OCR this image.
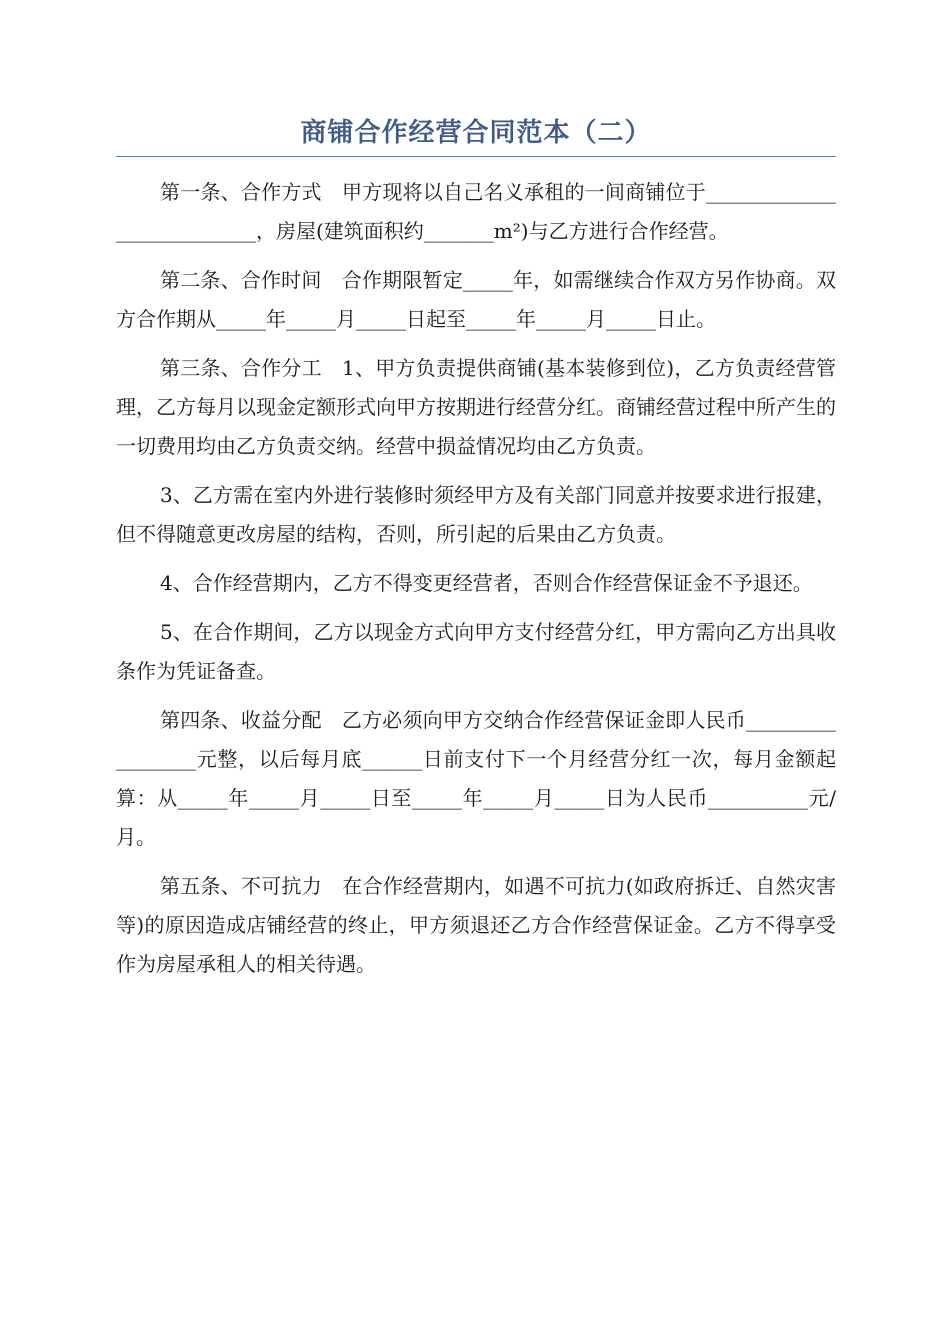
商铺合作经营合同范本（二）

第一条、合作方式　甲方现将以自己名义承租的一间商铺位于___________________________，房屋(建筑面积约_______m²)与乙方进行合作经营。

第二条、合作时间　合作期限暂定_____年，如需继续合作双方另作协商。双方合作期从_____年_____月_____日起至_____年_____月_____日止。

第三条、合作分工　1、甲方负责提供商铺(基本装修到位)，乙方负责经营管理，乙方每月以现金定额形式向甲方按期进行经营分红。商铺经营过程中所产生的一切费用均由乙方负责交纳。经营中损益情况均由乙方负责。

3、乙方需在室内外进行装修时须经甲方及有关部门同意并按要求进行报建，但不得随意更改房屋的结构，否则，所引起的后果由乙方负责。

4、合作经营期内，乙方不得变更经营者，否则合作经营保证金不予退还。

5、在合作期间，乙方以现金方式向甲方支付经营分红，甲方需向乙方出具收条作为凭证备查。

第四条、收益分配　乙方必须向甲方交纳合作经营保证金即人民币_________________元整，以后每月底______日前支付下一个月经营分红一次，每月金额起算：从_____年_____月_____日至_____年_____月_____日为人民币__________元/月。

第五条、不可抗力　在合作经营期内，如遇不可抗力(如政府拆迁、自然灾害等)的原因造成店铺经营的终止，甲方须退还乙方合作经营保证金。乙方不得享受作为房屋承租人的相关待遇。
